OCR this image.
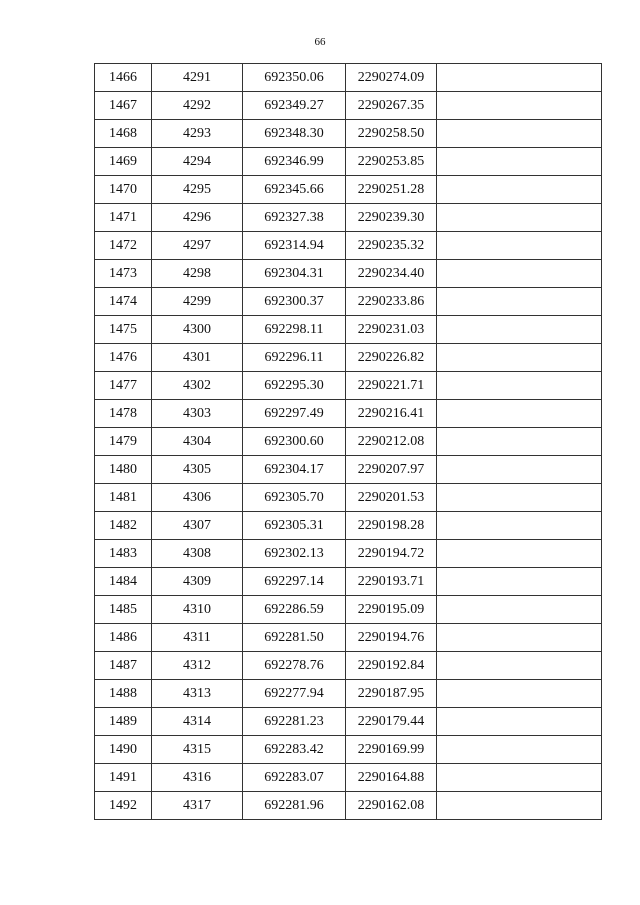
66
1466	4291	692350.06	2290274.09	
1467	4292	692349.27	2290267.35	
1468	4293	692348.30	2290258.50	
1469	4294	692346.99	2290253.85	
1470	4295	692345.66	2290251.28	
1471	4296	692327.38	2290239.30	
1472	4297	692314.94	2290235.32	
1473	4298	692304.31	2290234.40	
1474	4299	692300.37	2290233.86	
1475	4300	692298.11	2290231.03	
1476	4301	692296.11	2290226.82	
1477	4302	692295.30	2290221.71	
1478	4303	692297.49	2290216.41	
1479	4304	692300.60	2290212.08	
1480	4305	692304.17	2290207.97	
1481	4306	692305.70	2290201.53	
1482	4307	692305.31	2290198.28	
1483	4308	692302.13	2290194.72	
1484	4309	692297.14	2290193.71	
1485	4310	692286.59	2290195.09	
1486	4311	692281.50	2290194.76	
1487	4312	692278.76	2290192.84	
1488	4313	692277.94	2290187.95	
1489	4314	692281.23	2290179.44	
1490	4315	692283.42	2290169.99	
1491	4316	692283.07	2290164.88	
1492	4317	692281.96	2290162.08	
